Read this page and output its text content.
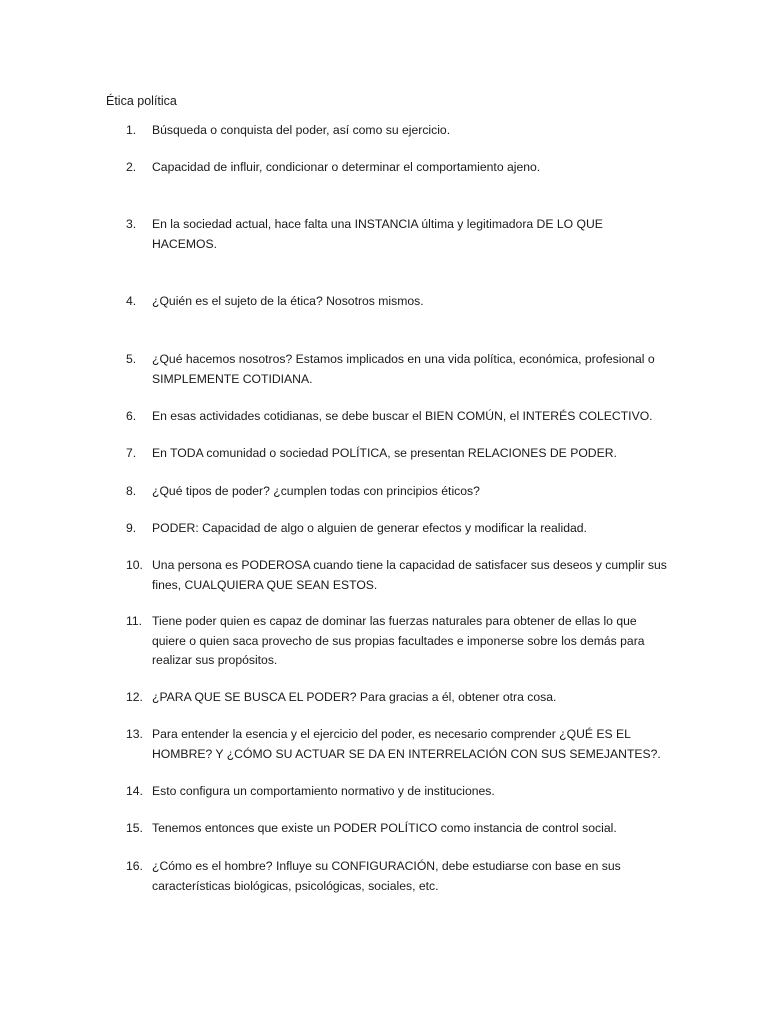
Ética política
1.	Búsqueda o conquista del poder, así como su ejercicio.
2.	Capacidad de influir, condicionar o determinar el comportamiento ajeno.
3.	En la sociedad actual, hace falta una INSTANCIA última y legitimadora DE LO QUE HACEMOS.
4.	¿Quién es el sujeto de la ética? Nosotros mismos.
5.	¿Qué hacemos nosotros? Estamos implicados en una vida política, económica, profesional o SIMPLEMENTE COTIDIANA.
6.	En esas actividades cotidianas, se debe buscar el BIEN COMÚN, el INTERÉS COLECTIVO.
7.	En TODA comunidad o sociedad POLÍTICA, se presentan RELACIONES DE PODER.
8.	¿Qué tipos de poder? ¿cumplen todas con principios éticos?
9.	PODER: Capacidad de algo o alguien de generar efectos y modificar la realidad.
10. Una persona es PODEROSA cuando tiene la capacidad de satisfacer sus deseos y cumplir sus fines, CUALQUIERA QUE SEAN ESTOS.
11. Tiene poder quien es capaz de dominar las fuerzas naturales para obtener de ellas lo que quiere o quien saca provecho de sus propias facultades e imponerse sobre los demás para realizar sus propósitos.
12. ¿PARA QUE SE BUSCA EL PODER? Para gracias a él, obtener otra cosa.
13. Para entender la esencia y el ejercicio del poder, es necesario comprender ¿QUÉ ES EL HOMBRE? Y ¿CÓMO SU ACTUAR SE DA EN INTERRELACIÓN CON SUS SEMEJANTES?.
14. Esto configura un comportamiento normativo y de instituciones.
15. Tenemos entonces que existe un PODER POLÍTICO como instancia de control social.
16. ¿Cómo es el hombre? Influye su CONFIGURACIÓN, debe estudiarse con base en sus características biológicas, psicológicas, sociales, etc.
